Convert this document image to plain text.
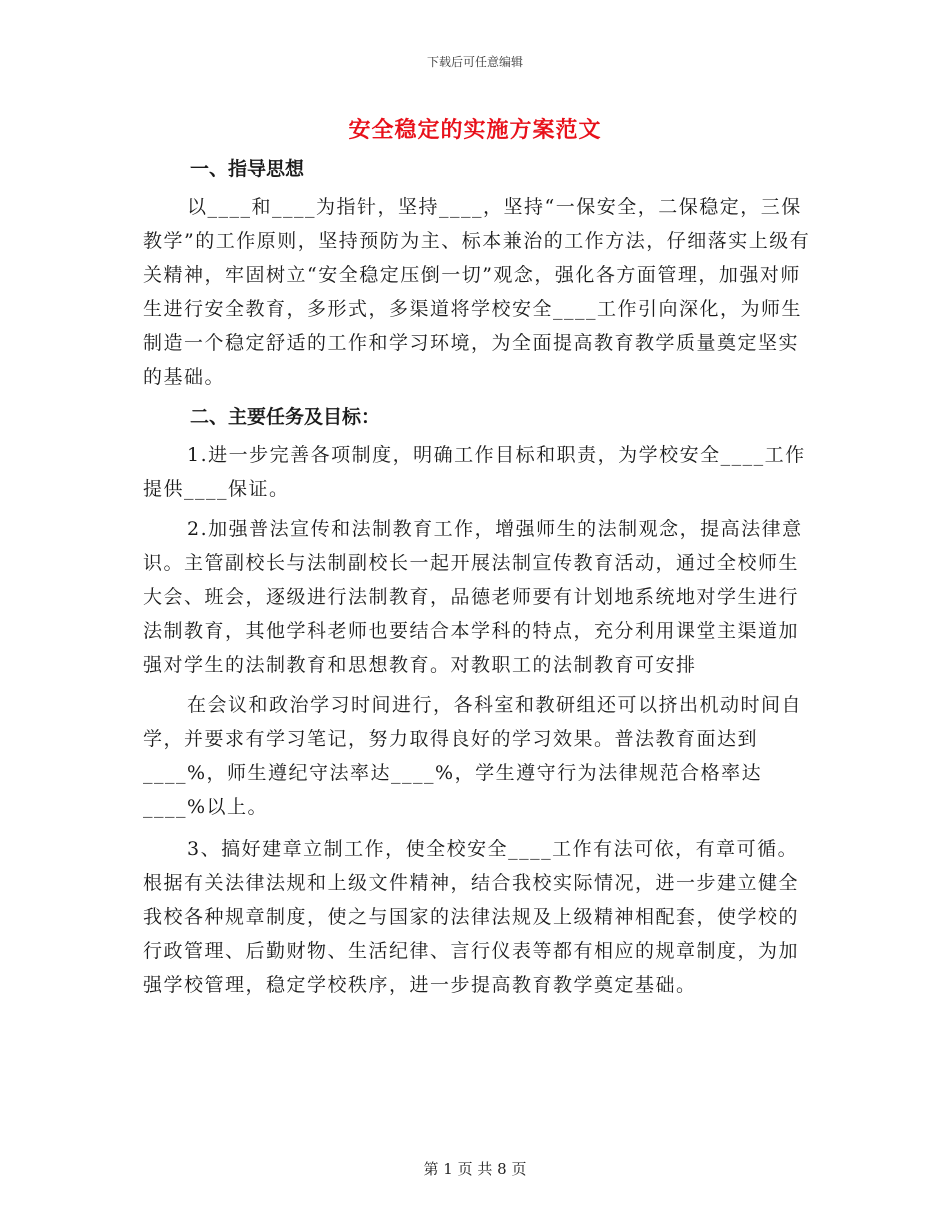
下载后可任意编辑
安全稳定的实施方案范文

一、指导思想

以____和____为指针，坚持____，坚持“一保安全，二保稳定，三保教学”的工作原则，坚持预防为主、标本兼治的工作方法，仔细落实上级有关精神，牢固树立“安全稳定压倒一切”观念，强化各方面管理，加强对师生进行安全教育，多形式，多渠道将学校安全____工作引向深化，为师生制造一个稳定舒适的工作和学习环境，为全面提高教育教学质量奠定坚实的基础。

二、主要任务及目标：

1.进一步完善各项制度，明确工作目标和职责，为学校安全____工作提供____保证。

2.加强普法宣传和法制教育工作，增强师生的法制观念，提高法律意识。主管副校长与法制副校长一起开展法制宣传教育活动，通过全校师生大会、班会，逐级进行法制教育，品德老师要有计划地系统地对学生进行法制教育，其他学科老师也要结合本学科的特点，充分利用课堂主渠道加强对学生的法制教育和思想教育。对教职工的法制教育可安排

在会议和政治学习时间进行，各科室和教研组还可以挤出机动时间自学，并要求有学习笔记，努力取得良好的学习效果。普法教育面达到____%，师生遵纪守法率达____%，学生遵守行为法律规范合格率达____%以上。

3、搞好建章立制工作，使全校安全____工作有法可依，有章可循。根据有关法律法规和上级文件精神，结合我校实际情况，进一步建立健全我校各种规章制度，使之与国家的法律法规及上级精神相配套，使学校的行政管理、后勤财物、生活纪律、言行仪表等都有相应的规章制度，为加强学校管理，稳定学校秩序，进一步提高教育教学奠定基础。

第 1 页 共 8 页
